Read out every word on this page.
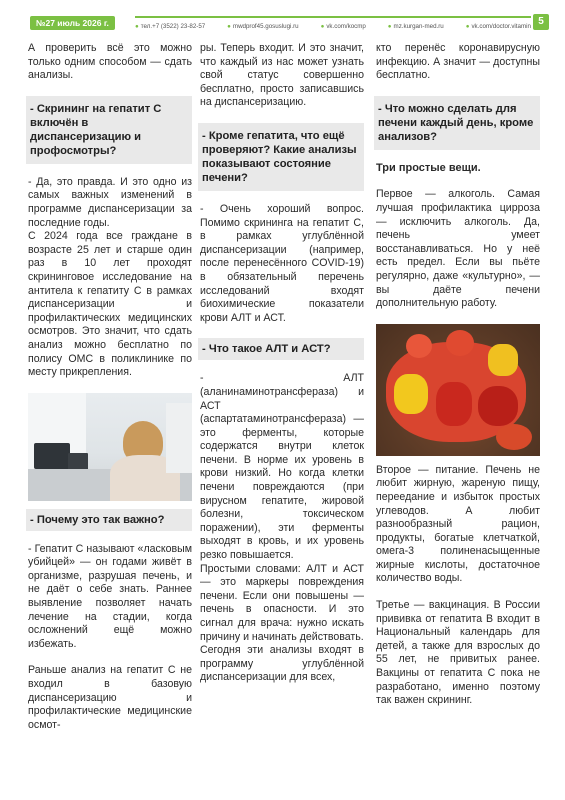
№27 июль 2026 г.	● тел.+7 (3522) 23-82-57	● mwdprof45.gosuslugi.ru	● vk.com/kocmp	● mz.kurgan-med.ru	● vk.com/doctor.vitamin 5

А проверить всё это можно только одним способом — сдать анализы.

- Скрининг на гепатит С включён в диспансеризацию и профосмотры?

- Да, это правда. И это одно из самых важных изменений в программе диспансеризации за последние годы.

С 2024 года все граждане в возрасте 25 лет и старше один раз в 10 лет проходят скрининговое исследование на антитела к гепатиту С в рамках диспансеризации и профилактических медицинских осмотров. Это значит, что сдать анализ можно бесплатно по полису ОМС в поликлинике по месту прикрепления.

- Почему это так важно?

- Гепатит С называют «ласковым убийцей» — он годами живёт в организме, разрушая печень, и не даёт о себе знать. Раннее выявление позволяет начать лечение на стадии, когда осложнений ещё можно избежать.

Раньше анализ на гепатит С не входил в базовую диспансеризацию и профилактические медицинские осмот-

ры. Теперь входит. И это значит, что каждый из нас может узнать свой статус совершенно бесплатно, просто записавшись на диспансеризацию.

- Кроме гепатита, что ещё проверяют? Какие анализы показывают состояние печени?

- Очень хороший вопрос. Помимо скрининга на гепатит С, в рамках углублённой диспансеризации (например, после перенесённого COVID-19) в обязательный перечень исследований входят биохимические показатели крови АЛТ и АСТ.

- Что такое АЛТ и АСТ?

- АЛТ (аланинаминотрансфераза) и АСТ (аспартатаминотрансфераза) — это ферменты, которые содержатся внутри клеток печени. В норме их уровень в крови низкий. Но когда клетки печени повреждаются (при вирусном гепатите, жировой болезни, токсическом поражении), эти ферменты выходят в кровь, и их уровень резко повышается.

Простыми словами: АЛТ и АСТ — это маркеры повреждения печени. Если они повышены — печень в опасности. И это сигнал для врача: нужно искать причину и начинать действовать.

Сегодня эти анализы входят в программу углублённой диспансеризации для всех,

кто перенёс коронавирусную инфекцию. А значит — доступны бесплатно.

- Что можно сделать для печени каждый день, кроме анализов?
Три простые вещи.

Первое — алкоголь. Самая лучшая профилактика цирроза — исключить алкоголь. Да, печень умеет восстанавливаться. Но у неё есть предел. Если вы пьёте регулярно, даже «культурно», — вы даёте печени дополнительную работу.

Второе — питание. Печень не любит жирную, жареную пищу, переедание и избыток простых углеводов. А любит разнообразный рацион, продукты, богатые клетчаткой, омега-3 полиненасыщенные жирные кислоты, достаточное количество воды.

Третье — вакцинация. В России прививка от гепатита В входит в Национальный календарь для детей, а также для взрослых до 55 лет, не привитых ранее. Вакцины от гепатита С пока не разработано, именно поэтому так важен скрининг.
